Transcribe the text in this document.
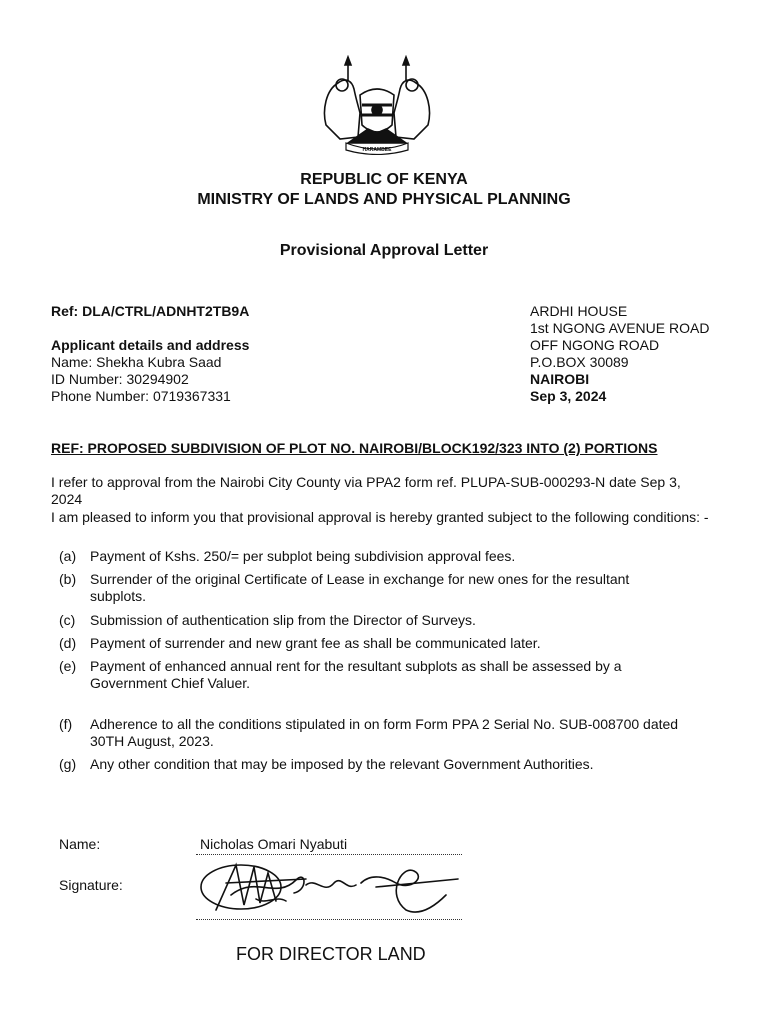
HARAMBEE
REPUBLIC OF KENYA
MINISTRY OF LANDS AND PHYSICAL PLANNING
Provisional Approval Letter
Ref: DLA/CTRL/ADNHT2TB9A
Applicant details and address
Name: Shekha Kubra Saad
ID Number: 30294902
Phone Number: 0719367331
ARDHI HOUSE
1st NGONG AVENUE ROAD
OFF NGONG ROAD
P.O.BOX 30089
NAIROBI
Sep 3, 2024
REF: PROPOSED SUBDIVISION OF PLOT NO. NAIROBI/BLOCK192/323 INTO (2) PORTIONS
I refer to approval from the Nairobi City County via PPA2 form ref. PLUPA-SUB-000293-N date Sep 3, 2024
I am pleased to inform you that provisional approval is hereby granted subject to the following conditions: -
(a) Payment of Kshs. 250/= per subplot being subdivision approval fees.
(b) Surrender of the original Certificate of Lease in exchange for new ones for the resultant subplots.
(c) Submission of authentication slip from the Director of Surveys.
(d) Payment of surrender and new grant fee as shall be communicated later.
(e) Payment of enhanced annual rent for the resultant subplots as shall be assessed by a Government Chief Valuer.
(f) Adherence to all the conditions stipulated in on form Form PPA 2 Serial No. SUB-008700 dated 30TH August, 2023.
(g) Any other condition that may be imposed by the relevant Government Authorities.
Name:	Nicholas Omari Nyabuti
Signature:
FOR DIRECTOR LAND
